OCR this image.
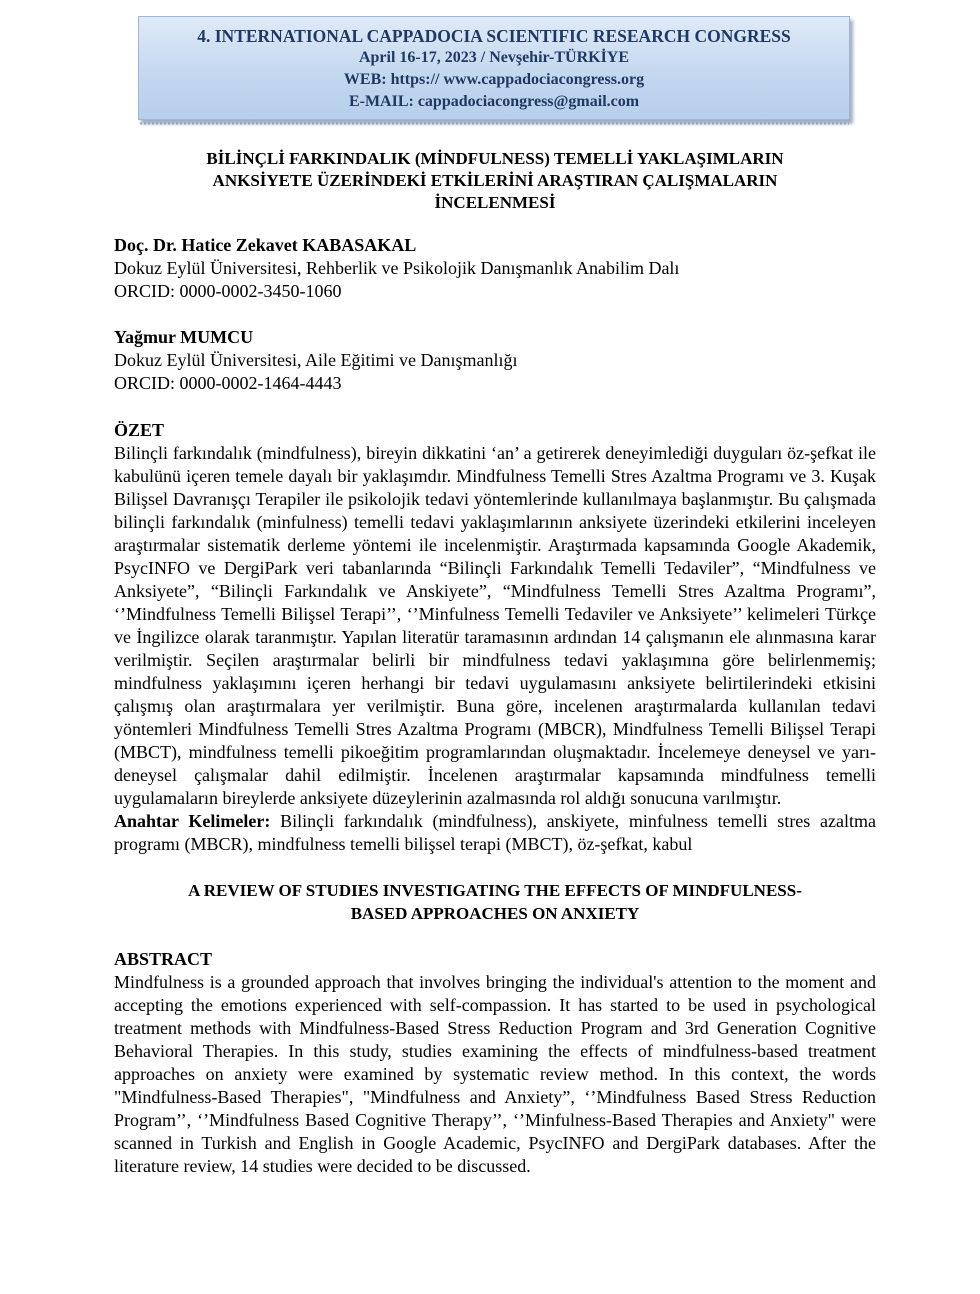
4. INTERNATIONAL CAPPADOCIA SCIENTIFIC RESEARCH CONGRESS
April 16-17, 2023 / Nevşehir-TÜRKİYE
WEB: https:// www.cappadociacongress.org
E-MAIL: cappadociacongress@gmail.com
BİLİNÇLİ FARKINDALIK (MİNDFULNESS) TEMELLİ YAKLAŞIMLARIN
ANKSİYETE ÜZERİNDEKİ ETKİLERİNİ ARAŞTIRAN ÇALIŞMALARIN
İNCELENMESİ
Doç. Dr. Hatice Zekavet KABASAKAL
Dokuz Eylül Üniversitesi, Rehberlik ve Psikolojik Danışmanlık Anabilim Dalı
ORCID: 0000-0002-3450-1060
Yağmur MUMCU
Dokuz Eylül Üniversitesi, Aile Eğitimi ve Danışmanlığı
ORCID: 0000-0002-1464-4443
ÖZET

Bilinçli farkındalık (mindfulness), bireyin dikkatini ‘an’ a getirerek deneyimlediği duyguları öz-şefkat ile kabulünü içeren temele dayalı bir yaklaşımdır. Mindfulness Temelli Stres Azaltma Programı ve 3. Kuşak Bilişsel Davranışçı Terapiler ile psikolojik tedavi yöntemlerinde kullanılmaya başlanmıştır. Bu çalışmada bilinçli farkındalık (minfulness) temelli tedavi yaklaşımlarının anksiyete üzerindeki etkilerini inceleyen araştırmalar sistematik derleme yöntemi ile incelenmiştir. Araştırmada kapsamında Google Akademik, PsycINFO ve DergiPark veri tabanlarında “Bilinçli Farkındalık Temelli Tedaviler”, “Mindfulness ve Anksiyete”, “Bilinçli Farkındalık ve Anskiyete”, “Mindfulness Temelli Stres Azaltma Programı”, ‘’Mindfulness Temelli Bilişsel Terapi’’, ‘’Minfulness Temelli Tedaviler ve Anksiyete’’ kelimeleri Türkçe ve İngilizce olarak taranmıştır. Yapılan literatür taramasının ardından 14 çalışmanın ele alınmasına karar verilmiştir. Seçilen araştırmalar belirli bir mindfulness tedavi yaklaşımına göre belirlenmemiş; mindfulness yaklaşımını içeren herhangi bir tedavi uygulamasını anksiyete belirtilerindeki etkisini çalışmış olan araştırmalara yer verilmiştir. Buna göre, incelenen araştırmalarda kullanılan tedavi yöntemleri Mindfulness Temelli Stres Azaltma Programı (MBCR), Mindfulness Temelli Bilişsel Terapi (MBCT), mindfulness temelli pikoeğitim programlarından oluşmaktadır. İncelemeye deneysel ve yarı-deneysel çalışmalar dahil edilmiştir. İncelenen araştırmalar kapsamında mindfulness temelli uygulamaların bireylerde anksiyete düzeylerinin azalmasında rol aldığı sonucuna varılmıştır.

Anahtar Kelimeler: Bilinçli farkındalık (mindfulness), anskiyete, minfulness temelli stres azaltma programı (MBCR), mindfulness temelli bilişsel terapi (MBCT), öz-şefkat, kabul

A REVIEW OF STUDIES INVESTIGATING THE EFFECTS OF MINDFULNESS-
BASED APPROACHES ON ANXIETY
ABSTRACT

Mindfulness is a grounded approach that involves bringing the individual's attention to the moment and accepting the emotions experienced with self-compassion. It has started to be used in psychological treatment methods with Mindfulness-Based Stress Reduction Program and 3rd Generation Cognitive Behavioral Therapies. In this study, studies examining the effects of mindfulness-based treatment approaches on anxiety were examined by systematic review method. In this context, the words "Mindfulness-Based Therapies", "Mindfulness and Anxiety”, ‘’Mindfulness Based Stress Reduction Program’’, ‘’Mindfulness Based Cognitive Therapy’’, ‘’Minfulness-Based Therapies and Anxiety" were scanned in Turkish and English in Google Academic, PsycINFO and DergiPark databases. After the literature review, 14 studies were decided to be discussed.
